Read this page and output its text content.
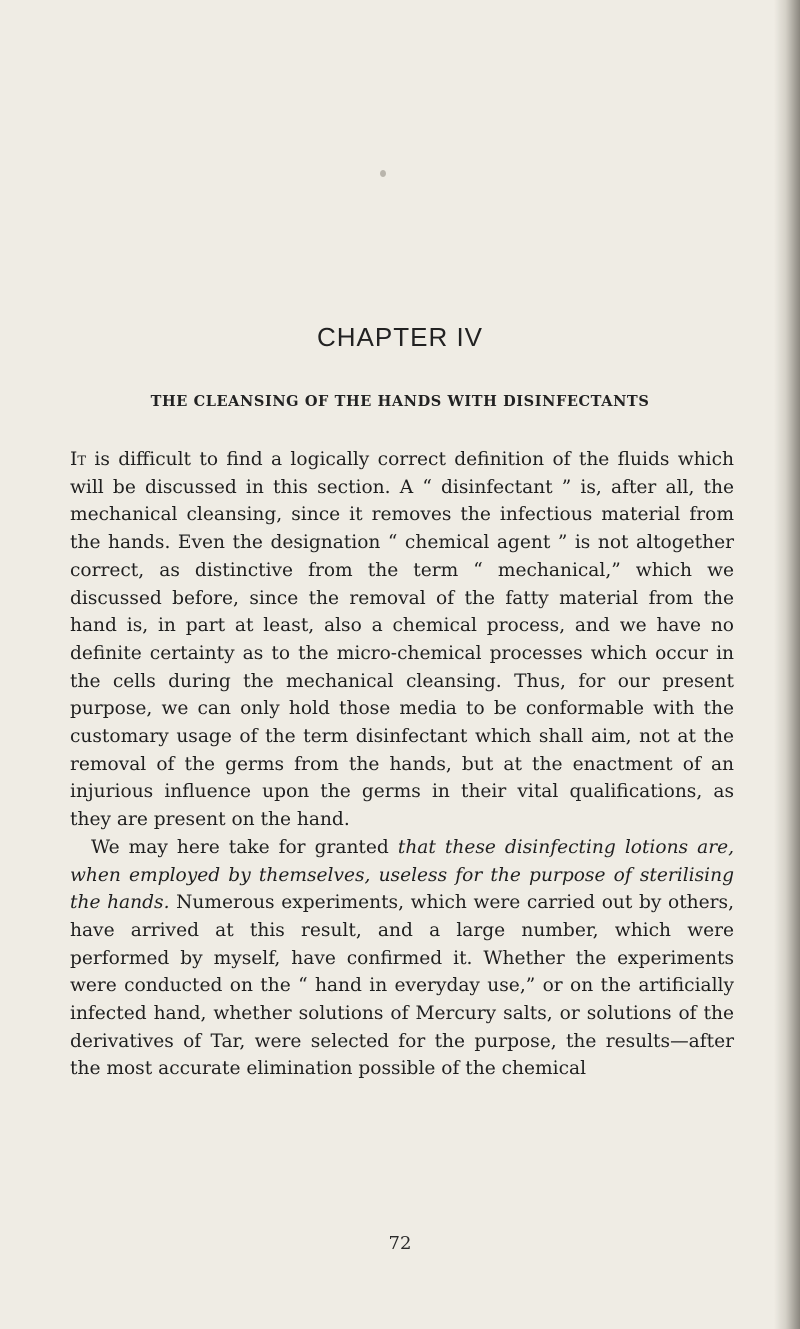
CHAPTER IV
THE CLEANSING OF THE HANDS WITH DISINFECTANTS

It is difficult to find a logically correct definition of the fluids which will be discussed in this section. A “ disinfectant ” is, after all, the mechanical cleansing, since it removes the infectious material from the hands. Even the designation “ chemical agent ” is not altogether correct, as distinctive from the term “ mechanical,” which we discussed before, since the removal of the fatty material from the hand is, in part at least, also a chemical process, and we have no definite certainty as to the micro-chemical processes which occur in the cells during the mechanical cleansing. Thus, for our present purpose, we can only hold those media to be conformable with the customary usage of the term disinfectant which shall aim, not at the removal of the germs from the hands, but at the enactment of an injurious influence upon the germs in their vital qualifications, as they are present on the hand.

We may here take for granted that these disinfecting lotions are, when employed by themselves, useless for the purpose of sterilising the hands. Numerous experiments, which were carried out by others, have arrived at this result, and a large number, which were performed by myself, have confirmed it. Whether the experiments were conducted on the “ hand in everyday use,” or on the artificially infected hand, whether solutions of Mercury salts, or solutions of the derivatives of Tar, were selected for the purpose, the results—after the most accurate elimination possible of the chemical

72
